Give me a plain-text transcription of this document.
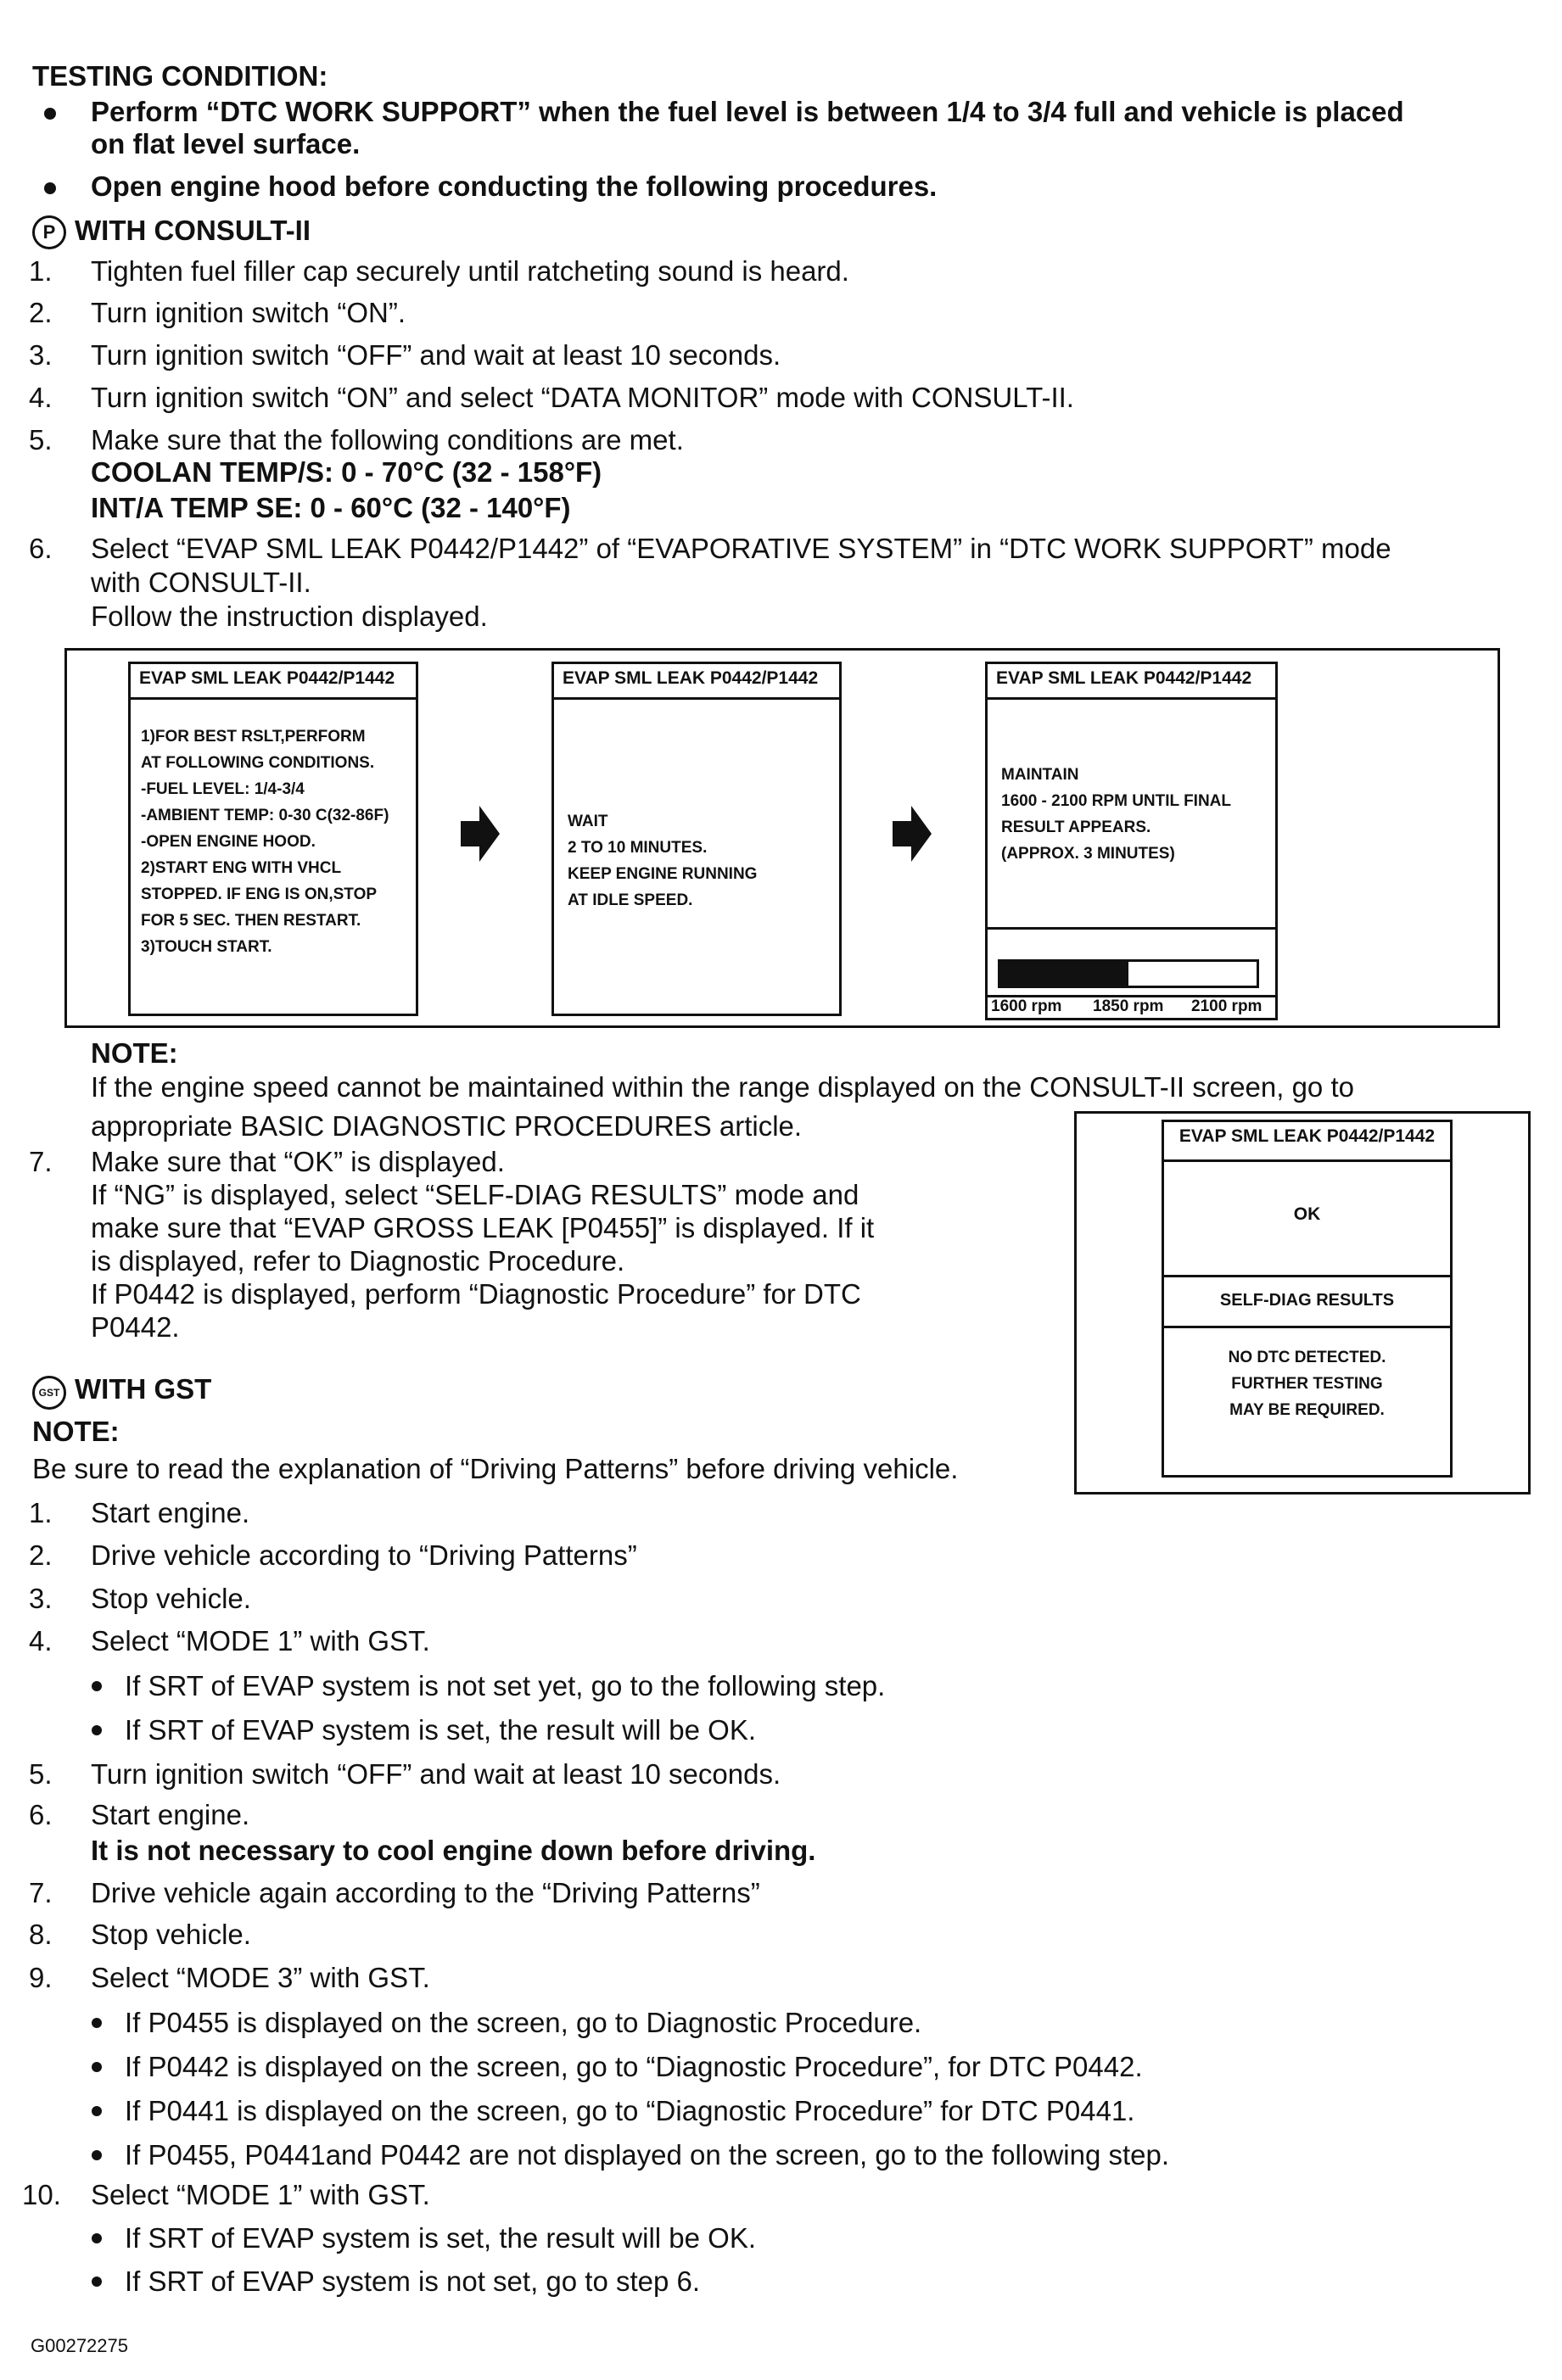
TESTING CONDITION:
Perform “DTC WORK SUPPORT” when the fuel level is between 1/4 to 3/4 full and vehicle is placed
on flat level surface.
Open engine hood before conducting the following procedures.
P WITH CONSULT-II
1. Tighten fuel filler cap securely until ratcheting sound is heard.
2. Turn ignition switch “ON”.
3. Turn ignition switch “OFF” and wait at least 10 seconds.
4. Turn ignition switch “ON” and select “DATA MONITOR” mode with CONSULT-II.
5. Make sure that the following conditions are met.
COOLAN TEMP/S: 0 - 70°C (32 - 158°F)
INT/A TEMP SE: 0 - 60°C (32 - 140°F)
6. Select “EVAP SML LEAK P0442/P1442” of “EVAPORATIVE SYSTEM” in “DTC WORK SUPPORT” mode
with CONSULT-II.
Follow the instruction displayed.
EVAP SML LEAK P0442/P1442
1)FOR BEST RSLT,PERFORM
AT FOLLOWING CONDITIONS.
-FUEL LEVEL: 1/4-3/4
-AMBIENT TEMP: 0-30 C(32-86F)
-OPEN ENGINE HOOD.
2)START ENG WITH VHCL
STOPPED. IF ENG IS ON,STOP
FOR 5 SEC. THEN RESTART.
3)TOUCH START.
EVAP SML LEAK P0442/P1442
WAIT
2 TO 10 MINUTES.
KEEP ENGINE RUNNING
AT IDLE SPEED.
EVAP SML LEAK P0442/P1442
MAINTAIN
1600 - 2100 RPM UNTIL FINAL
RESULT APPEARS.
(APPROX. 3 MINUTES)
1600 rpm 1850 rpm 2100 rpm
NOTE:
If the engine speed cannot be maintained within the range displayed on the CONSULT-II screen, go to
appropriate BASIC DIAGNOSTIC PROCEDURES article.
7. Make sure that “OK” is displayed.
If “NG” is displayed, select “SELF-DIAG RESULTS” mode and
make sure that “EVAP GROSS LEAK [P0455]” is displayed. If it
is displayed, refer to Diagnostic Procedure.
If P0442 is displayed, perform “Diagnostic Procedure” for DTC
P0442.
EVAP SML LEAK P0442/P1442
OK
SELF-DIAG RESULTS
NO DTC DETECTED.
FURTHER TESTING
MAY BE REQUIRED.
GST WITH GST
NOTE:
Be sure to read the explanation of “Driving Patterns” before driving vehicle.
1. Start engine.
2. Drive vehicle according to “Driving Patterns”
3. Stop vehicle.
4. Select “MODE 1” with GST.
If SRT of EVAP system is not set yet, go to the following step.
If SRT of EVAP system is set, the result will be OK.
5. Turn ignition switch “OFF” and wait at least 10 seconds.
6. Start engine.
It is not necessary to cool engine down before driving.
7. Drive vehicle again according to the “Driving Patterns”
8. Stop vehicle.
9. Select “MODE 3” with GST.
If P0455 is displayed on the screen, go to Diagnostic Procedure.
If P0442 is displayed on the screen, go to “Diagnostic Procedure”, for DTC P0442.
If P0441 is displayed on the screen, go to “Diagnostic Procedure” for DTC P0441.
If P0455, P0441and P0442 are not displayed on the screen, go to the following step.
10. Select “MODE 1” with GST.
If SRT of EVAP system is set, the result will be OK.
If SRT of EVAP system is not set, go to step 6.
G00272275
